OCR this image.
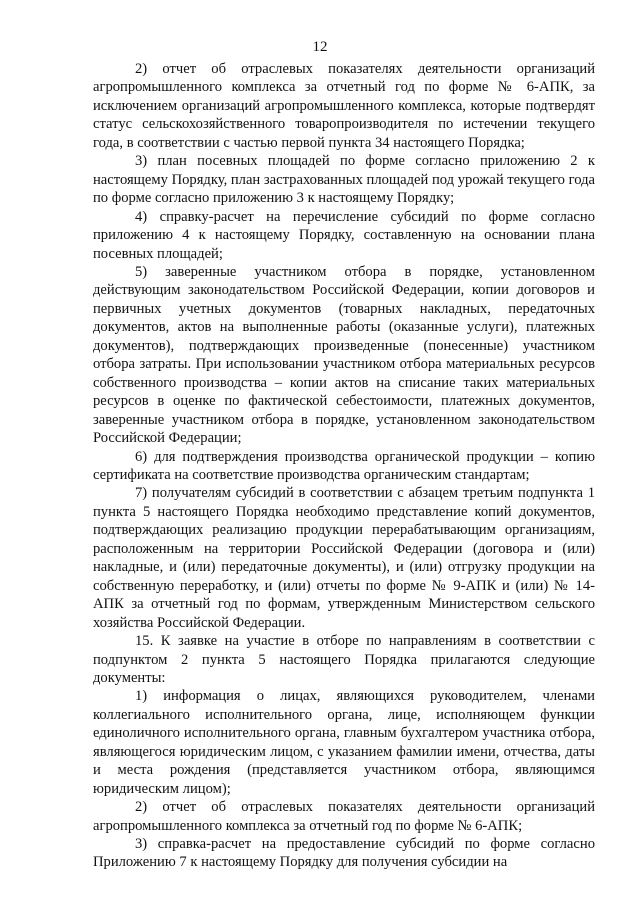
12

2) отчет об отраслевых показателях деятельности организаций агропромышленного комплекса за отчетный год по форме № 6-АПК, за исключением организаций агропромышленного комплекса, которые подтвердят статус сельскохозяйственного товаропроизводителя по истечении текущего года, в соответствии с частью первой пункта 34 настоящего Порядка;

3) план посевных площадей по форме согласно приложению 2 к настоящему Порядку, план застрахованных площадей под урожай текущего года по форме согласно приложению 3 к настоящему Порядку;

4) справку-расчет на перечисление субсидий по форме согласно приложению 4 к настоящему Порядку, составленную на основании плана посевных площадей;

5) заверенные участником отбора в порядке, установленном действующим законодательством Российской Федерации, копии договоров и первичных учетных документов (товарных накладных, передаточных документов, актов на выполненные работы (оказанные услуги), платежных документов), подтверждающих произведенные (понесенные) участником отбора затраты. При использовании участником отбора материальных ресурсов собственного производства – копии актов на списание таких материальных ресурсов в оценке по фактической себестоимости, платежных документов, заверенные участником отбора в порядке, установленном законодательством Российской Федерации;

6) для подтверждения производства органической продукции – копию сертификата на соответствие производства органическим стандартам;

7) получателям субсидий в соответствии с абзацем третьим подпункта 1 пункта 5 настоящего Порядка необходимо представление копий документов, подтверждающих реализацию продукции перерабатывающим организациям, расположенным на территории Российской Федерации (договора и (или) накладные, и (или) передаточные документы), и (или) отгрузку продукции на собственную переработку, и (или) отчеты по форме № 9-АПК и (или) № 14-АПК за отчетный год по формам, утвержденным Министерством сельского хозяйства Российской Федерации.

15. К заявке на участие в отборе по направлениям в соответствии с подпунктом 2 пункта 5 настоящего Порядка прилагаются следующие документы:

1) информация о лицах, являющихся руководителем, членами коллегиального исполнительного органа, лице, исполняющем функции единоличного исполнительного органа, главным бухгалтером участника отбора, являющегося юридическим лицом, с указанием фамилии имени, отчества, даты и места рождения (представляется участником отбора, являющимся юридическим лицом);

2) отчет об отраслевых показателях деятельности организаций агропромышленного комплекса за отчетный год по форме № 6-АПК;

3) справка-расчет на предоставление субсидий по форме согласно Приложению 7 к настоящему Порядку для получения субсидии на
